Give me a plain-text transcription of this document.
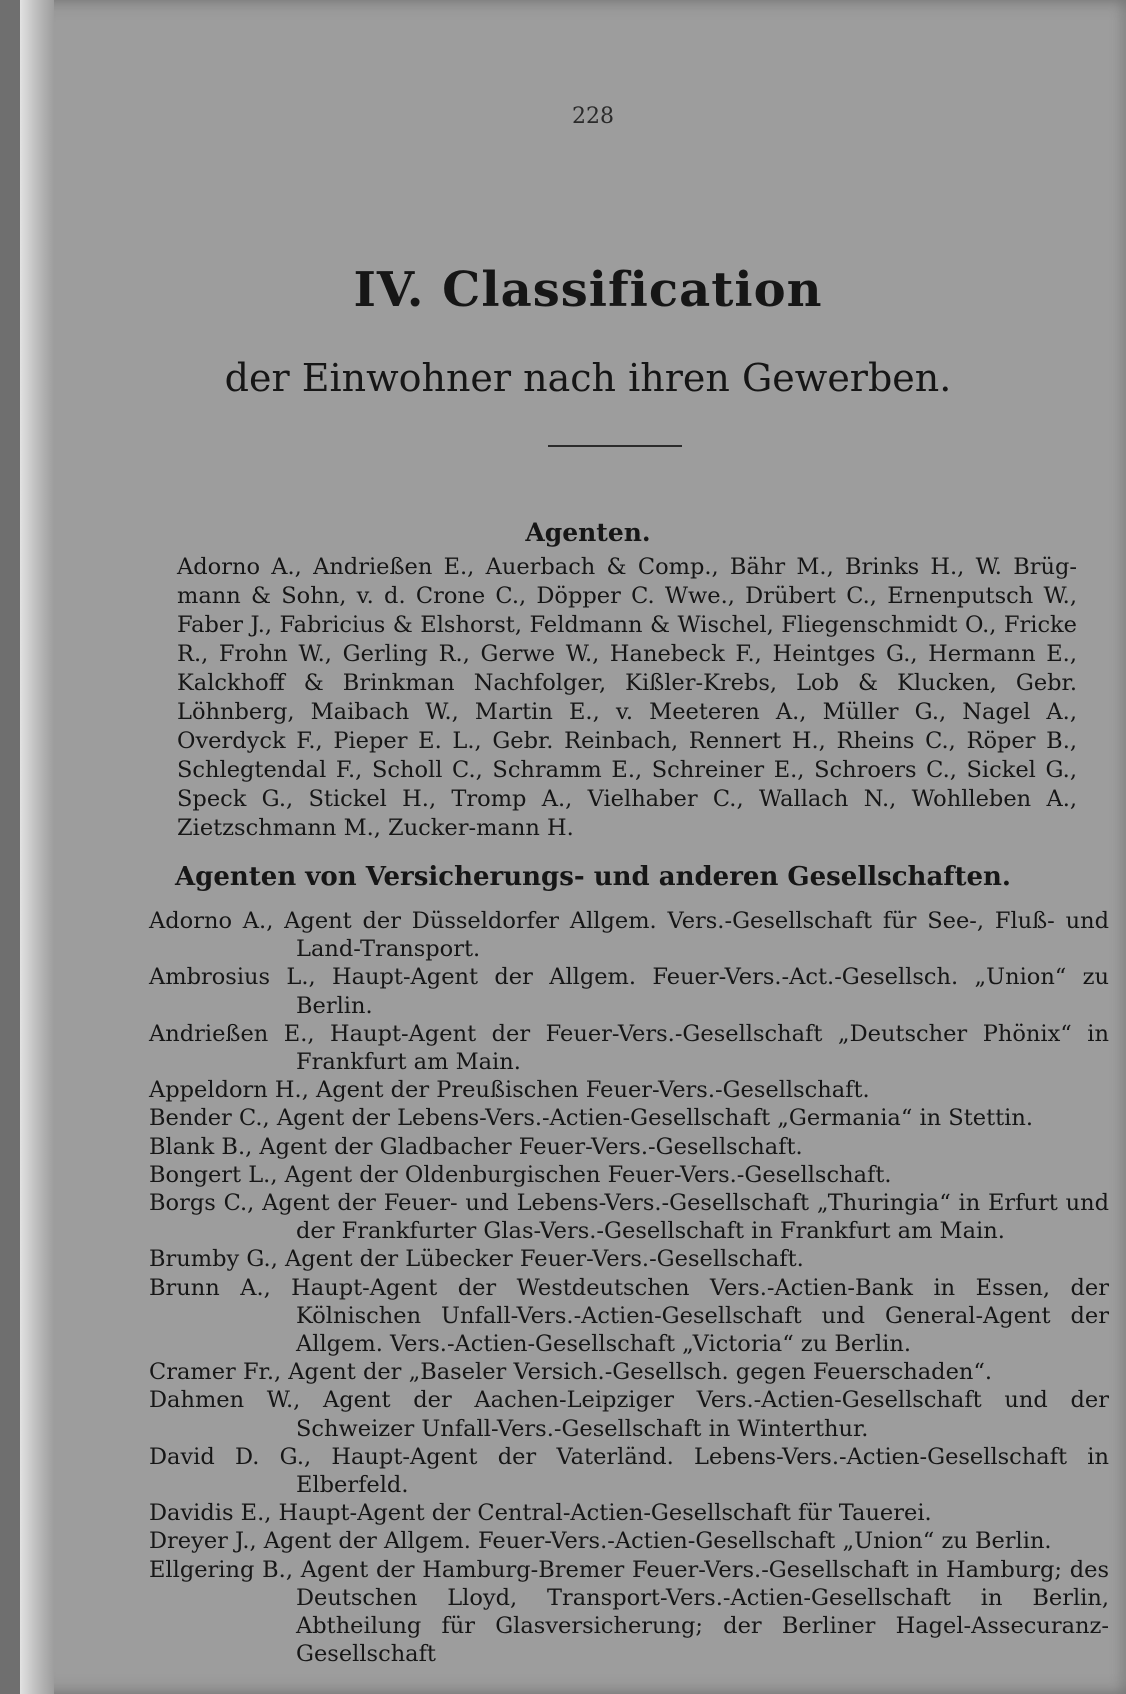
228
IV. Classification
der Einwohner nach ihren Gewerben.
Agenten.
Adorno A., Andrießen E., Auerbach & Comp., Bähr M., Brinks H., W. Brüg-mann & Sohn, v. d. Crone C., Döpper C. Wwe., Drübert C., Ernenputsch W., Faber J., Fabricius & Elshorst, Feldmann & Wischel, Fliegenschmidt O., Fricke R., Frohn W., Gerling R., Gerwe W., Hanebeck F., Heintges G., Hermann E., Kalckhoff & Brinkman Nachfolger, Kißler-Krebs, Lob & Klucken, Gebr. Löhnberg, Maibach W., Martin E., v. Meeteren A., Müller G., Nagel A., Overdyck F., Pieper E. L., Gebr. Reinbach, Rennert H., Rheins C., Röper B., Schlegtendal F., Scholl C., Schramm E., Schreiner E., Schroers C., Sickel G., Speck G., Stickel H., Tromp A., Vielhaber C., Wallach N., Wohlleben A., Zietzschmann M., Zucker-mann H.
Agenten von Versicherungs- und anderen Gesellschaften.
Adorno A., Agent der Düsseldorfer Allgem. Vers.-Gesellschaft für See-, Fluß- und Land-Transport.
Ambrosius L., Haupt-Agent der Allgem. Feuer-Vers.-Act.-Gesellsch. „Union“ zu Berlin.
Andrießen E., Haupt-Agent der Feuer-Vers.-Gesellschaft „Deutscher Phönix“ in Frankfurt am Main.
Appeldorn H., Agent der Preußischen Feuer-Vers.-Gesellschaft.
Bender C., Agent der Lebens-Vers.-Actien-Gesellschaft „Germania“ in Stettin.
Blank B., Agent der Gladbacher Feuer-Vers.-Gesellschaft.
Bongert L., Agent der Oldenburgischen Feuer-Vers.-Gesellschaft.
Borgs C., Agent der Feuer- und Lebens-Vers.-Gesellschaft „Thuringia“ in Erfurt und der Frankfurter Glas-Vers.-Gesellschaft in Frankfurt am Main.
Brumby G., Agent der Lübecker Feuer-Vers.-Gesellschaft.
Brunn A., Haupt-Agent der Westdeutschen Vers.-Actien-Bank in Essen, der Kölnischen Unfall-Vers.-Actien-Gesellschaft und General-Agent der Allgem. Vers.-Actien-Gesellschaft „Victoria“ zu Berlin.
Cramer Fr., Agent der „Baseler Versich.-Gesellsch. gegen Feuerschaden“.
Dahmen W., Agent der Aachen-Leipziger Vers.-Actien-Gesellschaft und der Schweizer Unfall-Vers.-Gesellschaft in Winterthur.
David D. G., Haupt-Agent der Vaterländ. Lebens-Vers.-Actien-Gesellschaft in Elberfeld.
Davidis E., Haupt-Agent der Central-Actien-Gesellschaft für Tauerei.
Dreyer J., Agent der Allgem. Feuer-Vers.-Actien-Gesellschaft „Union“ zu Berlin.
Ellgering B., Agent der Hamburg-Bremer Feuer-Vers.-Gesellschaft in Hamburg; des Deutschen Lloyd, Transport-Vers.-Actien-Gesellschaft in Berlin, Abtheilung für Glasversicherung; der Berliner Hagel-Assecuranz-Gesellschaft
